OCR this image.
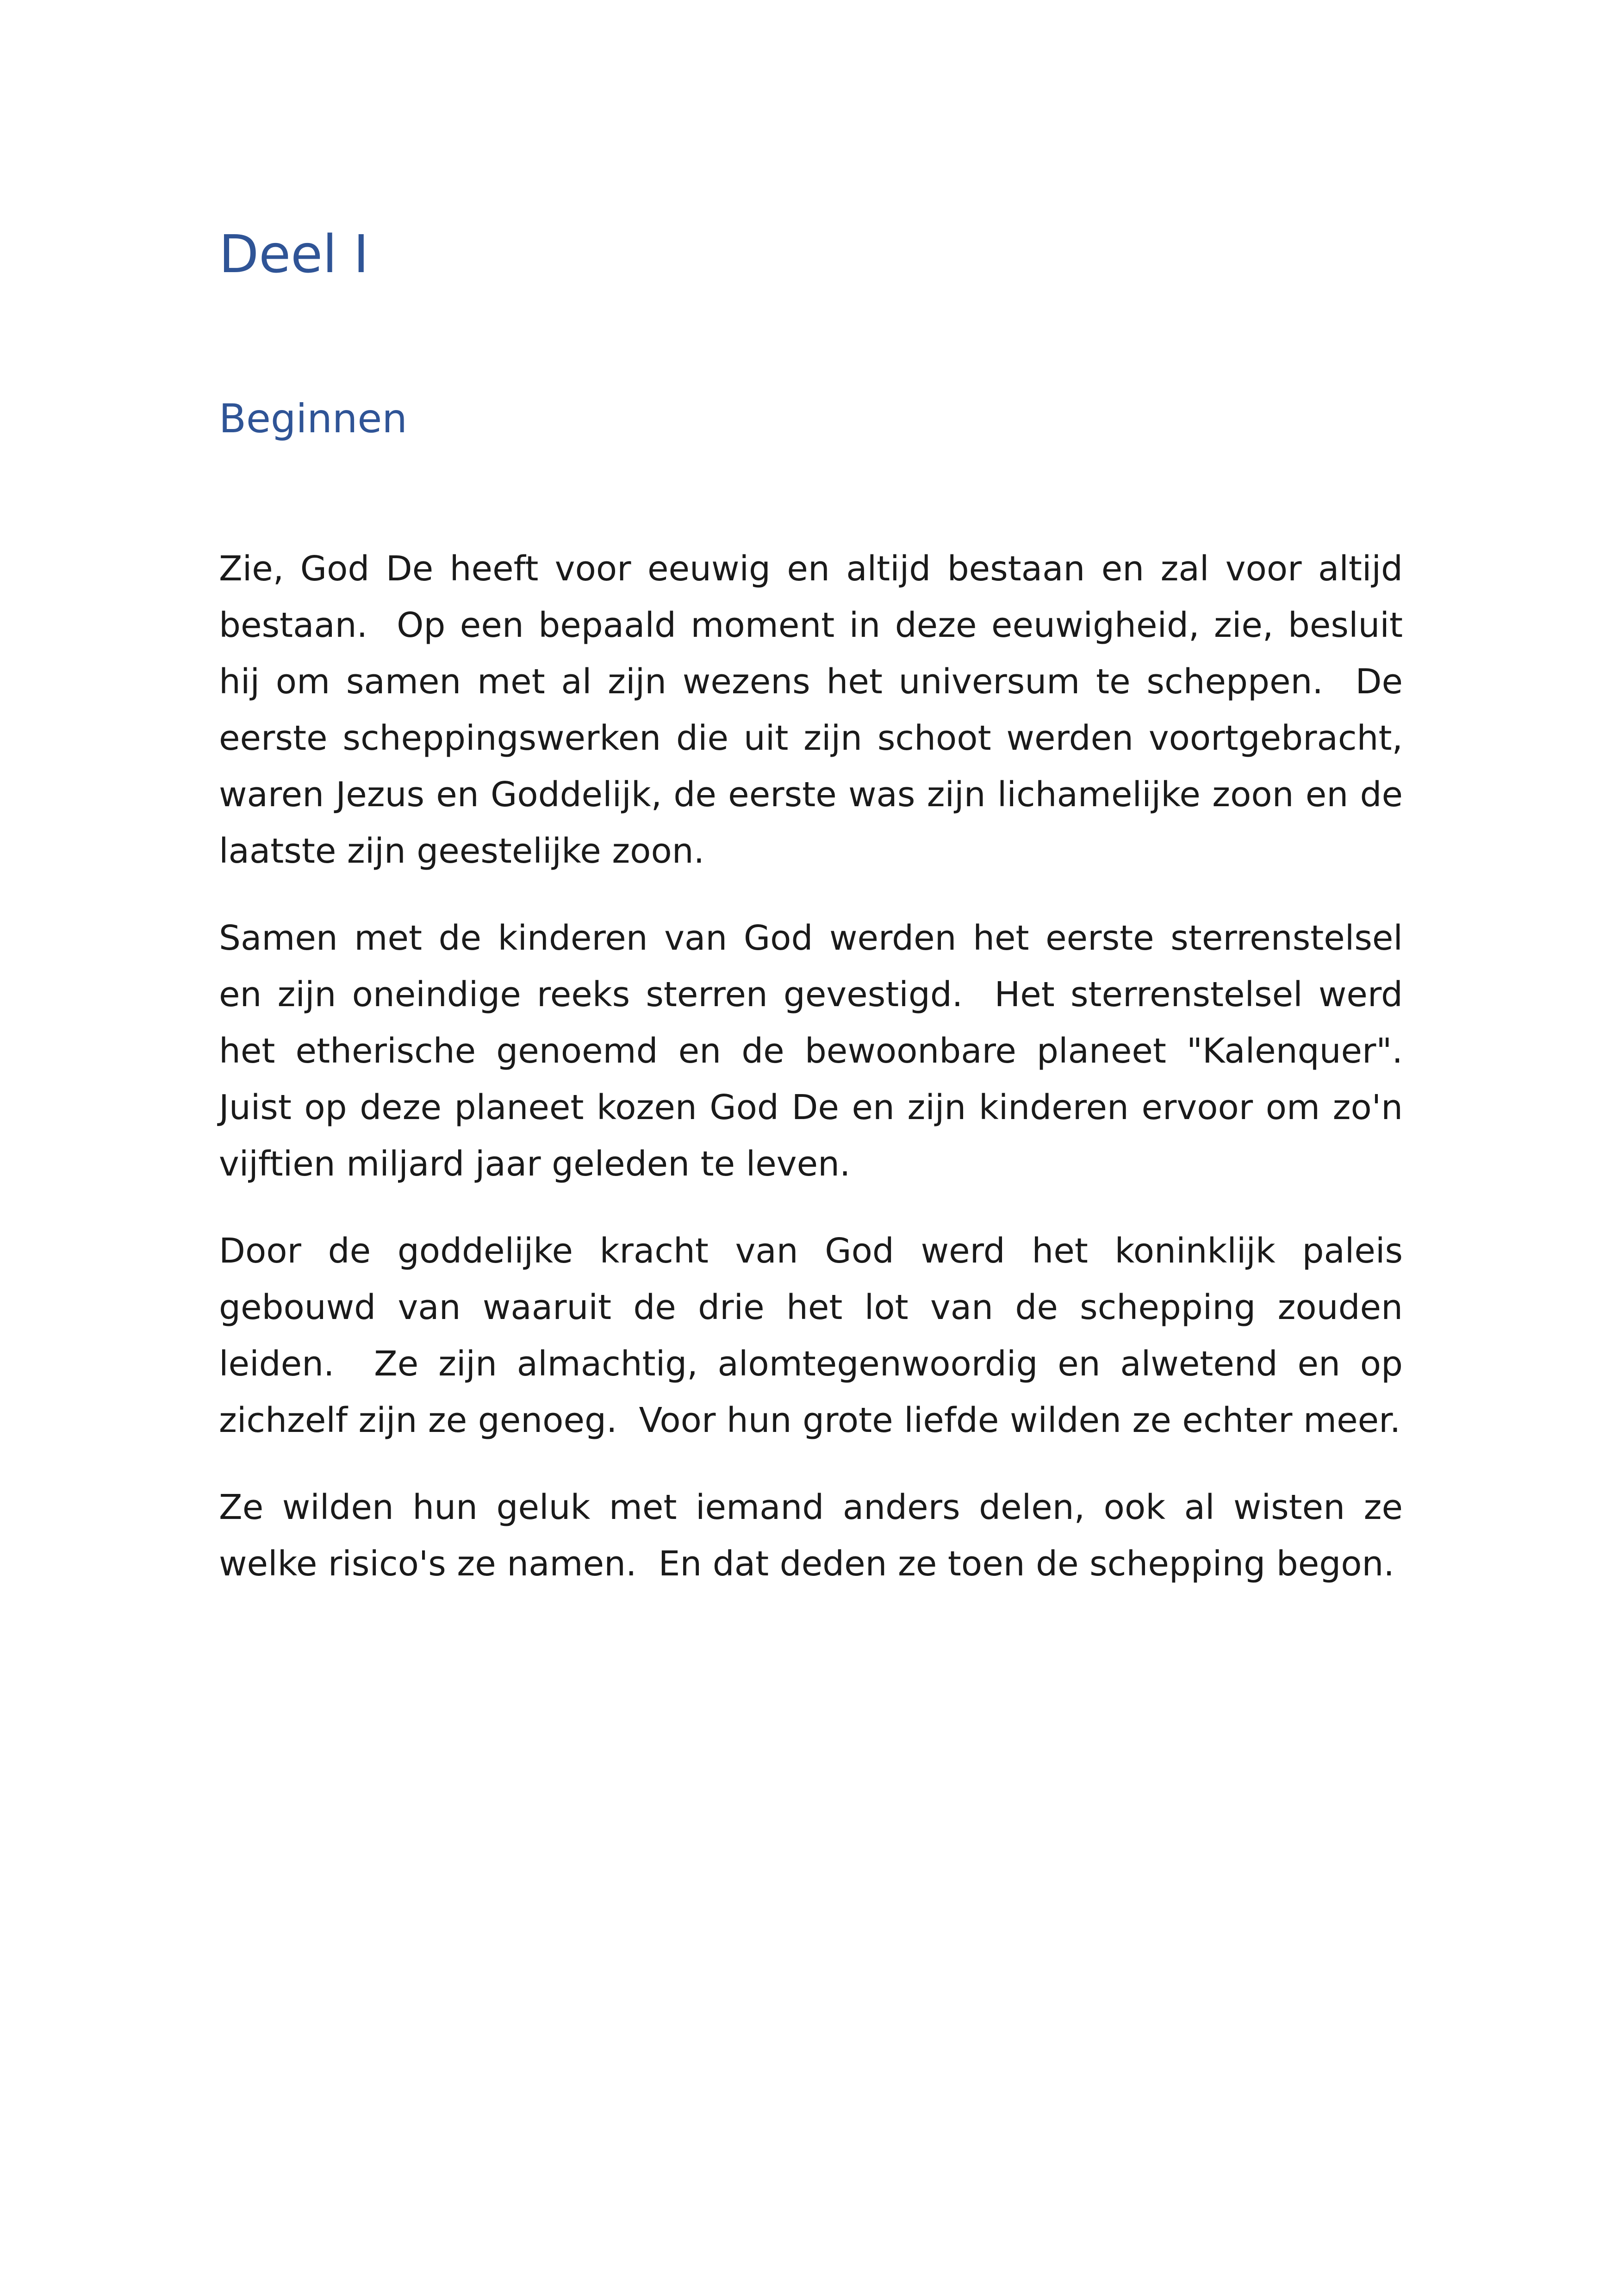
Deel I
Beginnen

Zie, God De heeft voor eeuwig en altijd bestaan en zal voor altijd bestaan.  Op een bepaald moment in deze eeuwigheid, zie, besluit hij om samen met al zijn wezens het universum te scheppen.  De eerste scheppingswerken die uit zijn schoot werden voortgebracht, waren Jezus en Goddelijk, de eerste was zijn lichamelijke zoon en de laatste zijn geestelijke zoon.

Samen met de kinderen van God werden het eerste sterrenstelsel en zijn oneindige reeks sterren gevestigd.  Het sterrenstelsel werd het etherische genoemd en de bewoonbare planeet "Kalenquer".  Juist op deze planeet kozen God De en zijn kinderen ervoor om zo'n vijftien miljard jaar geleden te leven.

Door de goddelijke kracht van God werd het koninklijk paleis gebouwd van waaruit de drie het lot van de schepping zouden leiden.  Ze zijn almachtig, alomtegenwoordig en alwetend en op zichzelf zijn ze genoeg.  Voor hun grote liefde wilden ze echter meer.

Ze wilden hun geluk met iemand anders delen, ook al wisten ze welke risico's ze namen.  En dat deden ze toen de schepping begon.
